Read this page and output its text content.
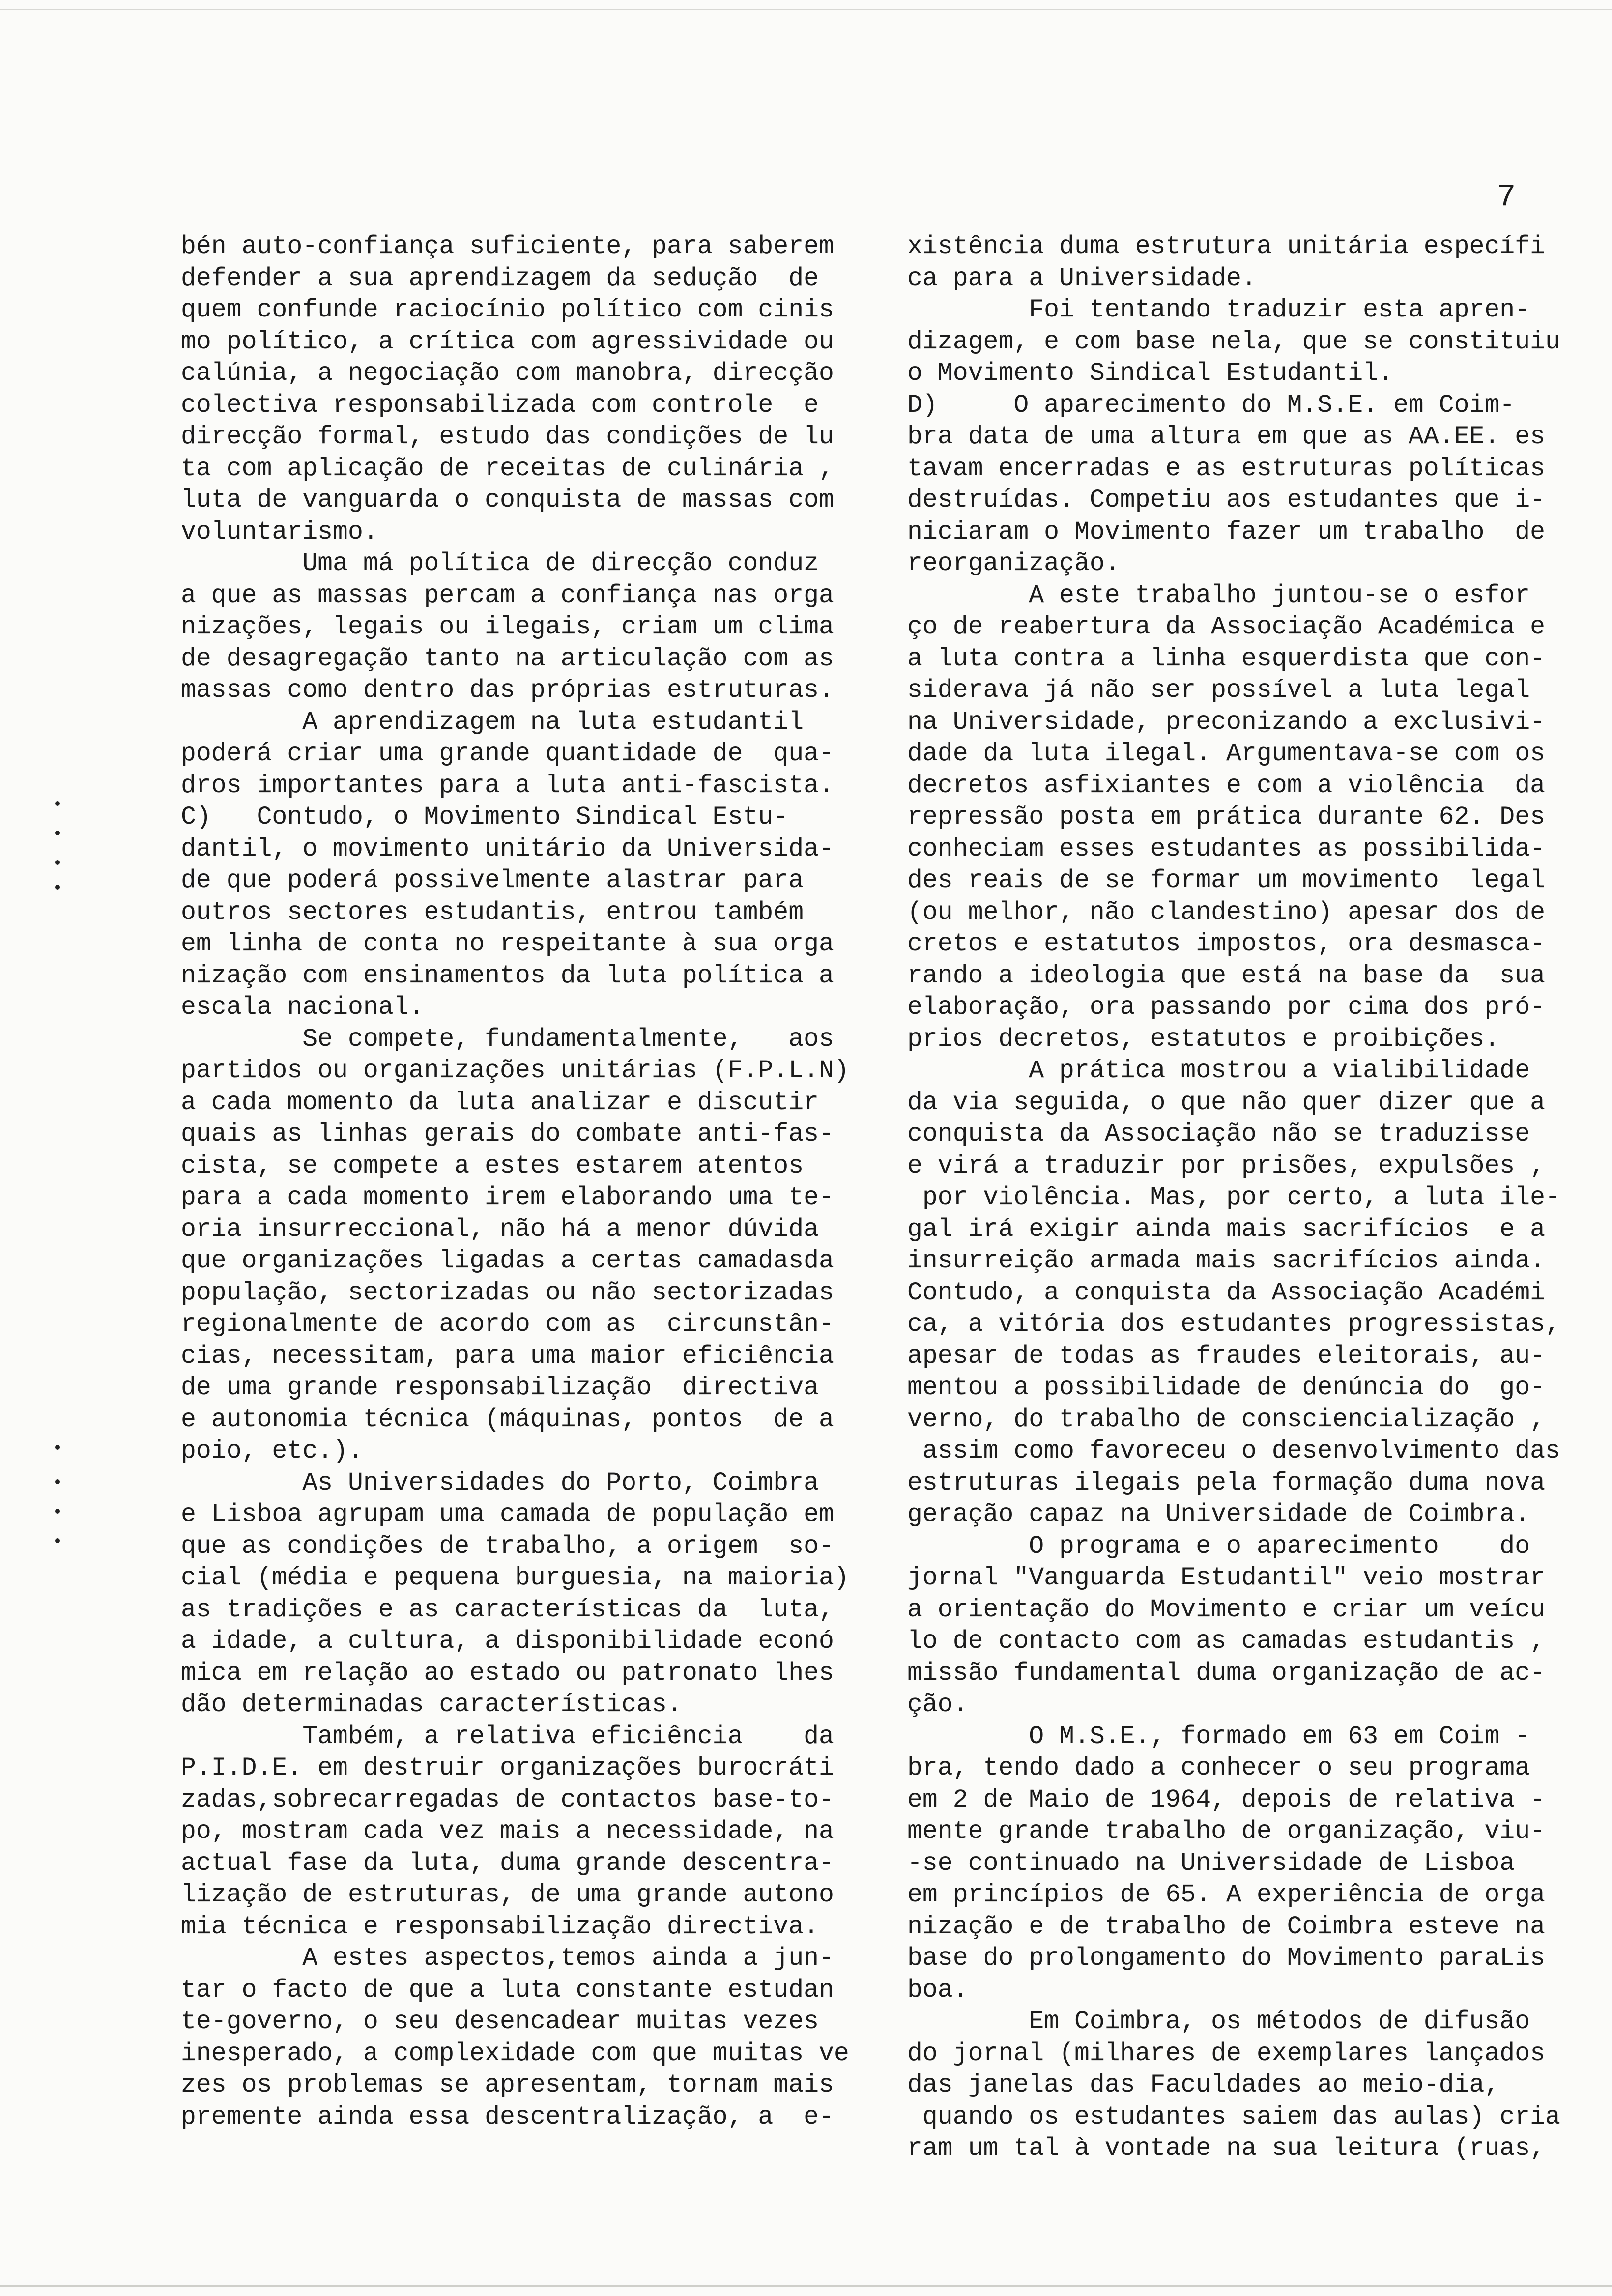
7
bén auto-confiança suficiente, para saberem
defender a sua aprendizagem da sedução  de
quem confunde raciocínio político com cinis
mo político, a crítica com agressividade ou
calúnia, a negociação com manobra, direcção
colectiva responsabilizada com controle  e
direcção formal, estudo das condições de lu
ta com aplicação de receitas de culinária ,
luta de vanguarda o conquista de massas com
voluntarismo.
Uma má política de direcção conduz
a que as massas percam a confiança nas orga
nizações, legais ou ilegais, criam um clima
de desagregação tanto na articulação com as
massas como dentro das próprias estruturas.
A aprendizagem na luta estudantil
poderá criar uma grande quantidade de  qua-
dros importantes para a luta anti-fascista.
C)   Contudo, o Movimento Sindical Estu-
dantil, o movimento unitário da Universida-
de que poderá possivelmente alastrar para
outros sectores estudantis, entrou também
em linha de conta no respeitante à sua orga
nização com ensinamentos da luta política a
escala nacional.
Se compete, fundamentalmente,   aos
partidos ou organizações unitárias (F.P.L.N)
a cada momento da luta analizar e discutir
quais as linhas gerais do combate anti-fas-
cista, se compete a estes estarem atentos
para a cada momento irem elaborando uma te-
oria insurreccional, não há a menor dúvida
que organizações ligadas a certas camadasda
população, sectorizadas ou não sectorizadas
regionalmente de acordo com as  circunstân-
cias, necessitam, para uma maior eficiência
de uma grande responsabilização  directiva
e autonomia técnica (máquinas, pontos  de a
poio, etc.).
As Universidades do Porto, Coimbra
e Lisboa agrupam uma camada de população em
que as condições de trabalho, a origem  so-
cial (média e pequena burguesia, na maioria)
as tradições e as características da  luta,
a idade, a cultura, a disponibilidade econó
mica em relação ao estado ou patronato lhes
dão determinadas características.
Também, a relativa eficiência    da
P.I.D.E. em destruir organizações burocráti
zadas,sobrecarregadas de contactos base-to-
po, mostram cada vez mais a necessidade, na
actual fase da luta, duma grande descentra-
lização de estruturas, de uma grande autono
mia técnica e responsabilização directiva.
A estes aspectos,temos ainda a jun-
tar o facto de que a luta constante estudan
te-governo, o seu desencadear muitas vezes
inesperado, a complexidade com que muitas ve
zes os problemas se apresentam, tornam mais
premente ainda essa descentralização, a  e-
xistência duma estrutura unitária específi
ca para a Universidade.
Foi tentando traduzir esta apren-
dizagem, e com base nela, que se constituiu
o Movimento Sindical Estudantil.
D)     O aparecimento do M.S.E. em Coim-
bra data de uma altura em que as AA.EE. es
tavam encerradas e as estruturas políticas
destruídas. Competiu aos estudantes que i-
niciaram o Movimento fazer um trabalho  de
reorganização.
A este trabalho juntou-se o esfor
ço de reabertura da Associação Académica e
a luta contra a linha esquerdista que con-
siderava já não ser possível a luta legal
na Universidade, preconizando a exclusivi-
dade da luta ilegal. Argumentava-se com os
decretos asfixiantes e com a violência  da
repressão posta em prática durante 62. Des
conheciam esses estudantes as possibilida-
des reais de se formar um movimento  legal
(ou melhor, não clandestino) apesar dos de
cretos e estatutos impostos, ora desmasca-
rando a ideologia que está na base da  sua
elaboração, ora passando por cima dos pró-
prios decretos, estatutos e proibições.
A prática mostrou a vialibilidade
da via seguida, o que não quer dizer que a
conquista da Associação não se traduzisse
e virá a traduzir por prisões, expulsões ,
por violência. Mas, por certo, a luta ile-
gal irá exigir ainda mais sacrifícios  e a
insurreição armada mais sacrifícios ainda.
Contudo, a conquista da Associação Académi
ca, a vitória dos estudantes progressistas,
apesar de todas as fraudes eleitorais, au-
mentou a possibilidade de denúncia do  go-
verno, do trabalho de consciencialização ,
assim como favoreceu o desenvolvimento das
estruturas ilegais pela formação duma nova
geração capaz na Universidade de Coimbra.
O programa e o aparecimento    do
jornal "Vanguarda Estudantil" veio mostrar
a orientação do Movimento e criar um veícu
lo de contacto com as camadas estudantis ,
missão fundamental duma organização de ac-
ção.
O M.S.E., formado em 63 em Coim -
bra, tendo dado a conhecer o seu programa
em 2 de Maio de 1964, depois de relativa -
mente grande trabalho de organização, viu-
-se continuado na Universidade de Lisboa
em princípios de 65. A experiência de orga
nização e de trabalho de Coimbra esteve na
base do prolongamento do Movimento paraLis
boa.
Em Coimbra, os métodos de difusão
do jornal (milhares de exemplares lançados
das janelas das Faculdades ao meio-dia,
quando os estudantes saiem das aulas) cria
ram um tal à vontade na sua leitura (ruas,
